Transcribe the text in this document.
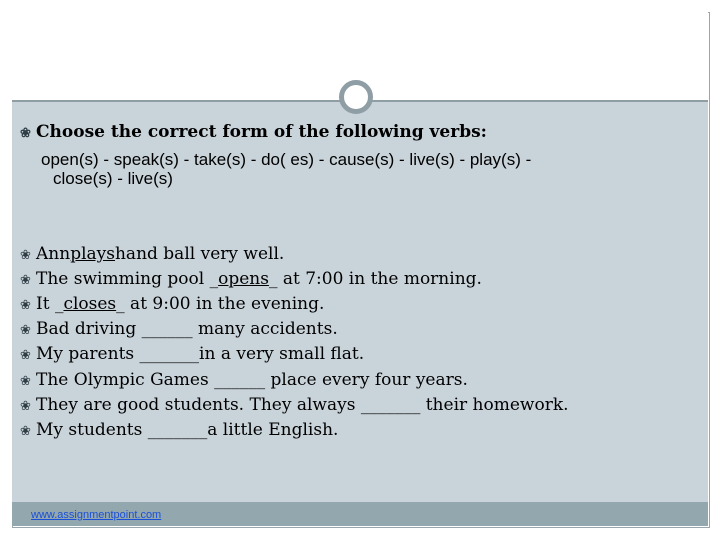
❀ Choose the correct form of the following verbs:
open(s) - speak(s) - take(s) - do( es) - cause(s) - live(s) - play(s) -
close(s) - live(s)
❀ Ann plays hand ball very well.
❀ The swimming pool _ opens _ at 7:00 in the morning.
❀ It _ closes _ at 9:00 in the evening.
❀ Bad driving ______ many accidents.
❀ My parents _______in a very small flat.
❀ The Olympic Games ______ place every four years.
❀ They are good students. They always _______ their homework.
❀ My students _______a little English.
www.assignmentpoint.com
